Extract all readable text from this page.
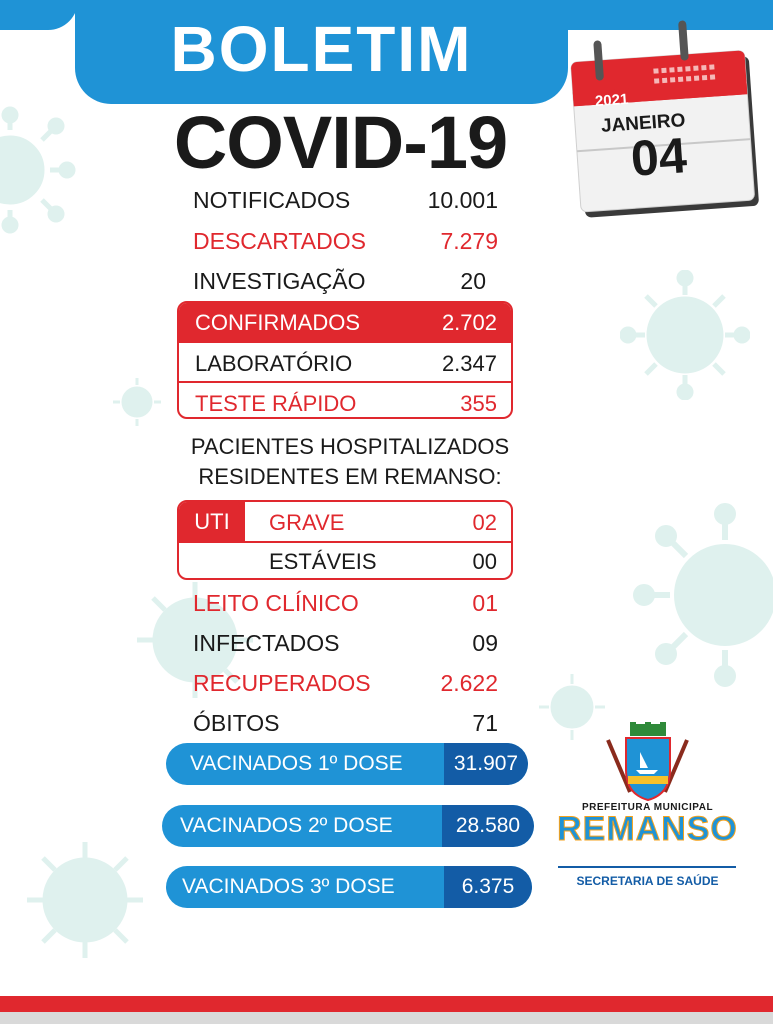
BOLETIM
COVID-19
2021
JANEIRO
04
NOTIFICADOS	10.001
DESCARTADOS	7.279
INVESTIGAÇÃO	20
CONFIRMADOS	2.702
LABORATÓRIO	2.347
TESTE RÁPIDO	355
PACIENTES HOSPITALIZADOS
RESIDENTES EM REMANSO:
UTI	GRAVE	02
ESTÁVEIS	00
LEITO CLÍNICO	01
INFECTADOS	09
RECUPERADOS	2.622
ÓBITOS	71
VACINADOS 1º DOSE	31.907
VACINADOS 2º DOSE	28.580
VACINADOS 3º DOSE	6.375
PREFEITURA MUNICIPAL
REMANSO
SECRETARIA DE SAÚDE
